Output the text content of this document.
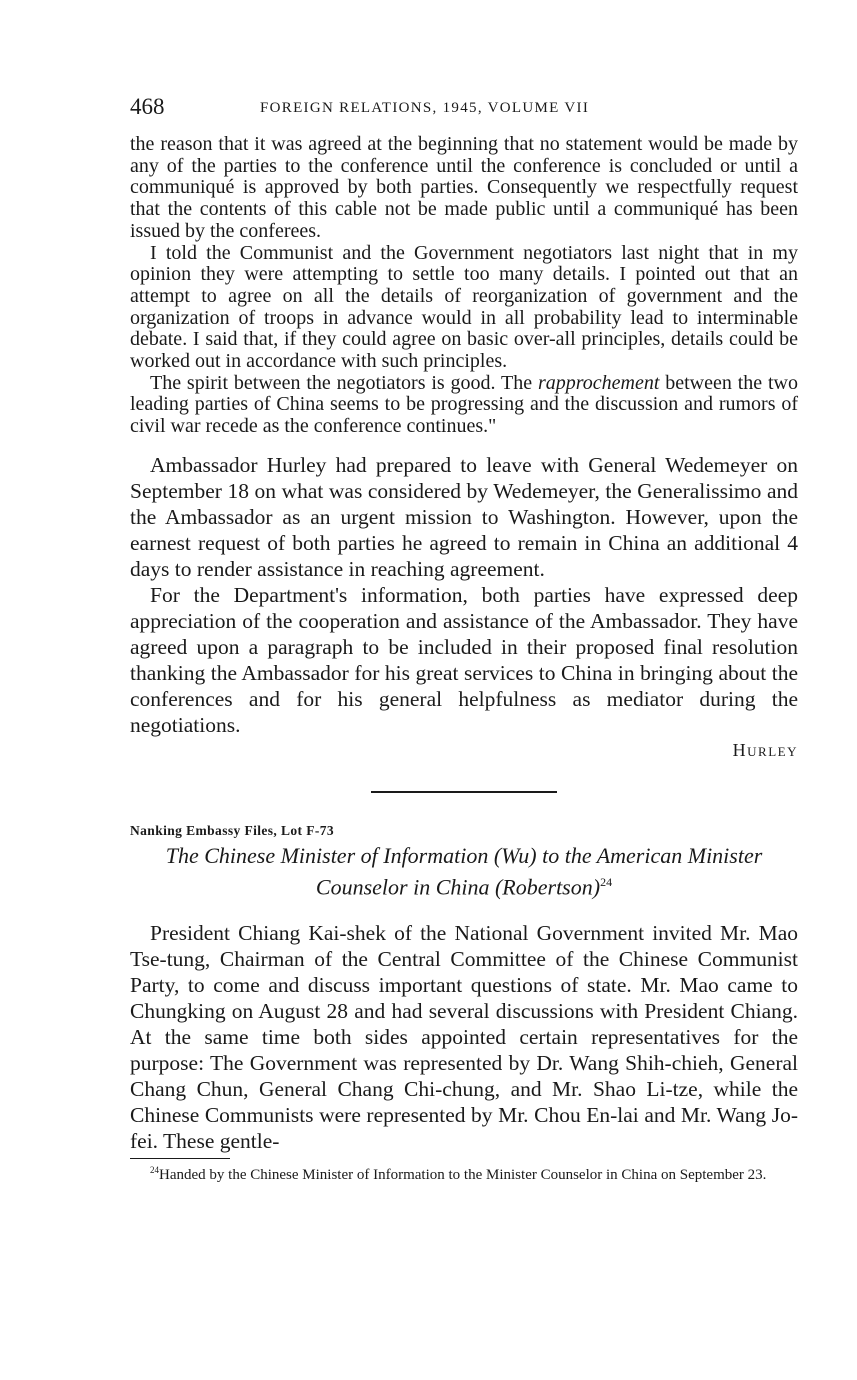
468	FOREIGN RELATIONS, 1945, VOLUME VII

the reason that it was agreed at the beginning that no statement would be made by any of the parties to the conference until the conference is concluded or until a communiqué is approved by both parties. Consequently we respectfully request that the contents of this cable not be made public until a communiqué has been issued by the conferees.

I told the Communist and the Government negotiators last night that in my opinion they were attempting to settle too many details. I pointed out that an attempt to agree on all the details of reorganization of government and the organization of troops in advance would in all probability lead to interminable debate. I said that, if they could agree on basic over-all principles, details could be worked out in accordance with such principles.

The spirit between the negotiators is good. The rapprochement between the two leading parties of China seems to be progressing and the discussion and rumors of civil war recede as the conference continues."

Ambassador Hurley had prepared to leave with General Wedemeyer on September 18 on what was considered by Wedemeyer, the Generalissimo and the Ambassador as an urgent mission to Washington. However, upon the earnest request of both parties he agreed to remain in China an additional 4 days to render assistance in reaching agreement.

For the Department's information, both parties have expressed deep appreciation of the cooperation and assistance of the Ambassador. They have agreed upon a paragraph to be included in their proposed final resolution thanking the Ambassador for his great services to China in bringing about the conferences and for his general helpfulness as mediator during the negotiations.

Hurley
Nanking Embassy Files, Lot F-73
The Chinese Minister of Information (Wu) to the American Minister
Counselor in China (Robertson)$^{24}$

President Chiang Kai-shek of the National Government invited Mr. Mao Tse-tung, Chairman of the Central Committee of the Chinese Communist Party, to come and discuss important questions of state. Mr. Mao came to Chungking on August 28 and had several discussions with President Chiang. At the same time both sides appointed certain representatives for the purpose: The Government was represented by Dr. Wang Shih-chieh, General Chang Chun, General Chang Chi-chung, and Mr. Shao Li-tze, while the Chinese Communists were represented by Mr. Chou En-lai and Mr. Wang Jo-fei. These gentle-

$^{24}$Handed by the Chinese Minister of Information to the Minister Counselor in China on September 23.
